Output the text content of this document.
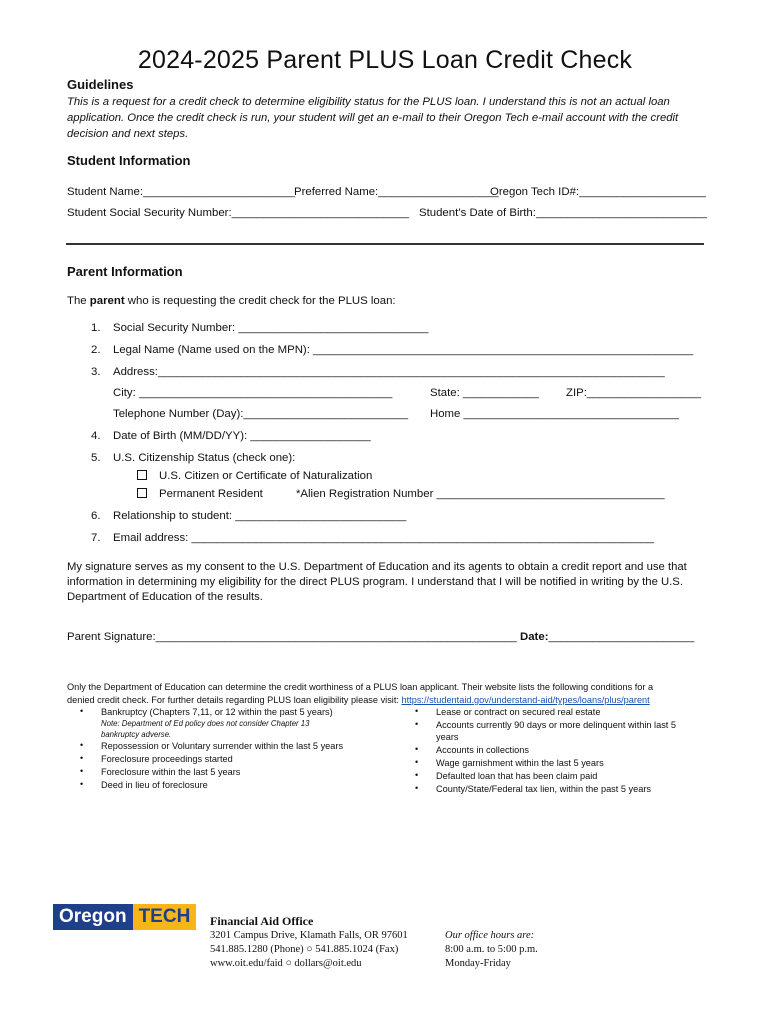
2024-2025 Parent PLUS Loan Credit Check
Guidelines
This is a request for a credit check to determine eligibility status for the PLUS loan. I understand this is not an actual loan application. Once the credit check is run, your student will get an e-mail to their Oregon Tech e-mail account with the credit decision and next steps.
Student Information
Student Name:________________________
Preferred Name:___________________
Oregon Tech ID#:____________________
Student Social Security Number:____________________________ Student’s Date of Birth:___________________________
Parent Information
The parent who is requesting the credit check for the PLUS loan:
1. Social Security Number: ______________________________
2. Legal Name (Name used on the MPN): ____________________________________________________________
3. Address:________________________________________________________________________________
City: ________________________________________	State: ____________ ZIP:__________________
Telephone Number (Day):__________________________ Home __________________________________
4. Date of Birth (MM/DD/YY): ___________________
5. U.S. Citizenship Status (check one):
U.S. Citizen or Certificate of Naturalization
Permanent Resident	*Alien Registration Number ____________________________________
6. Relationship to student: ___________________________
7. Email address: _________________________________________________________________________
My signature serves as my consent to the U.S. Department of Education and its agents to obtain a credit report and use that information in determining my eligibility for the direct PLUS program. I understand that I will be notified in writing by the U.S. Department of Education of the results.
Parent Signature:_________________________________________________________ Date:_______________________
Only the Department of Education can determine the credit worthiness of a PLUS loan applicant. Their website lists the following conditions for a
denied credit check. For further details regarding PLUS loan eligibility please visit: https://studentaid.gov/understand-aid/types/loans/plus/parent
• Bankruptcy (Chapters 7,11, or 12 within the past 5 years)
Note: Department of Ed policy does not consider Chapter 13
bankruptcy adverse.
• Repossession or Voluntary surrender within the last 5 years
• Foreclosure proceedings started
• Foreclosure within the last 5 years
• Deed in lieu of foreclosure
• Lease or contract on secured real estate
• Accounts currently 90 days or more delinquent within last 5
years
• Accounts in collections
• Wage garnishment within the last 5 years
• Defaulted loan that has been claim paid
• County/State/Federal tax lien, within the past 5 years
Oregon TECH	Financial Aid Office
3201 Campus Drive, Klamath Falls, OR 97601
541.885.1280 (Phone) ○ 541.885.1024 (Fax)
www.oit.edu/faid ○ dollars@oit.edu
Our office hours are:
8:00 a.m. to 5:00 p.m.
Monday-Friday
